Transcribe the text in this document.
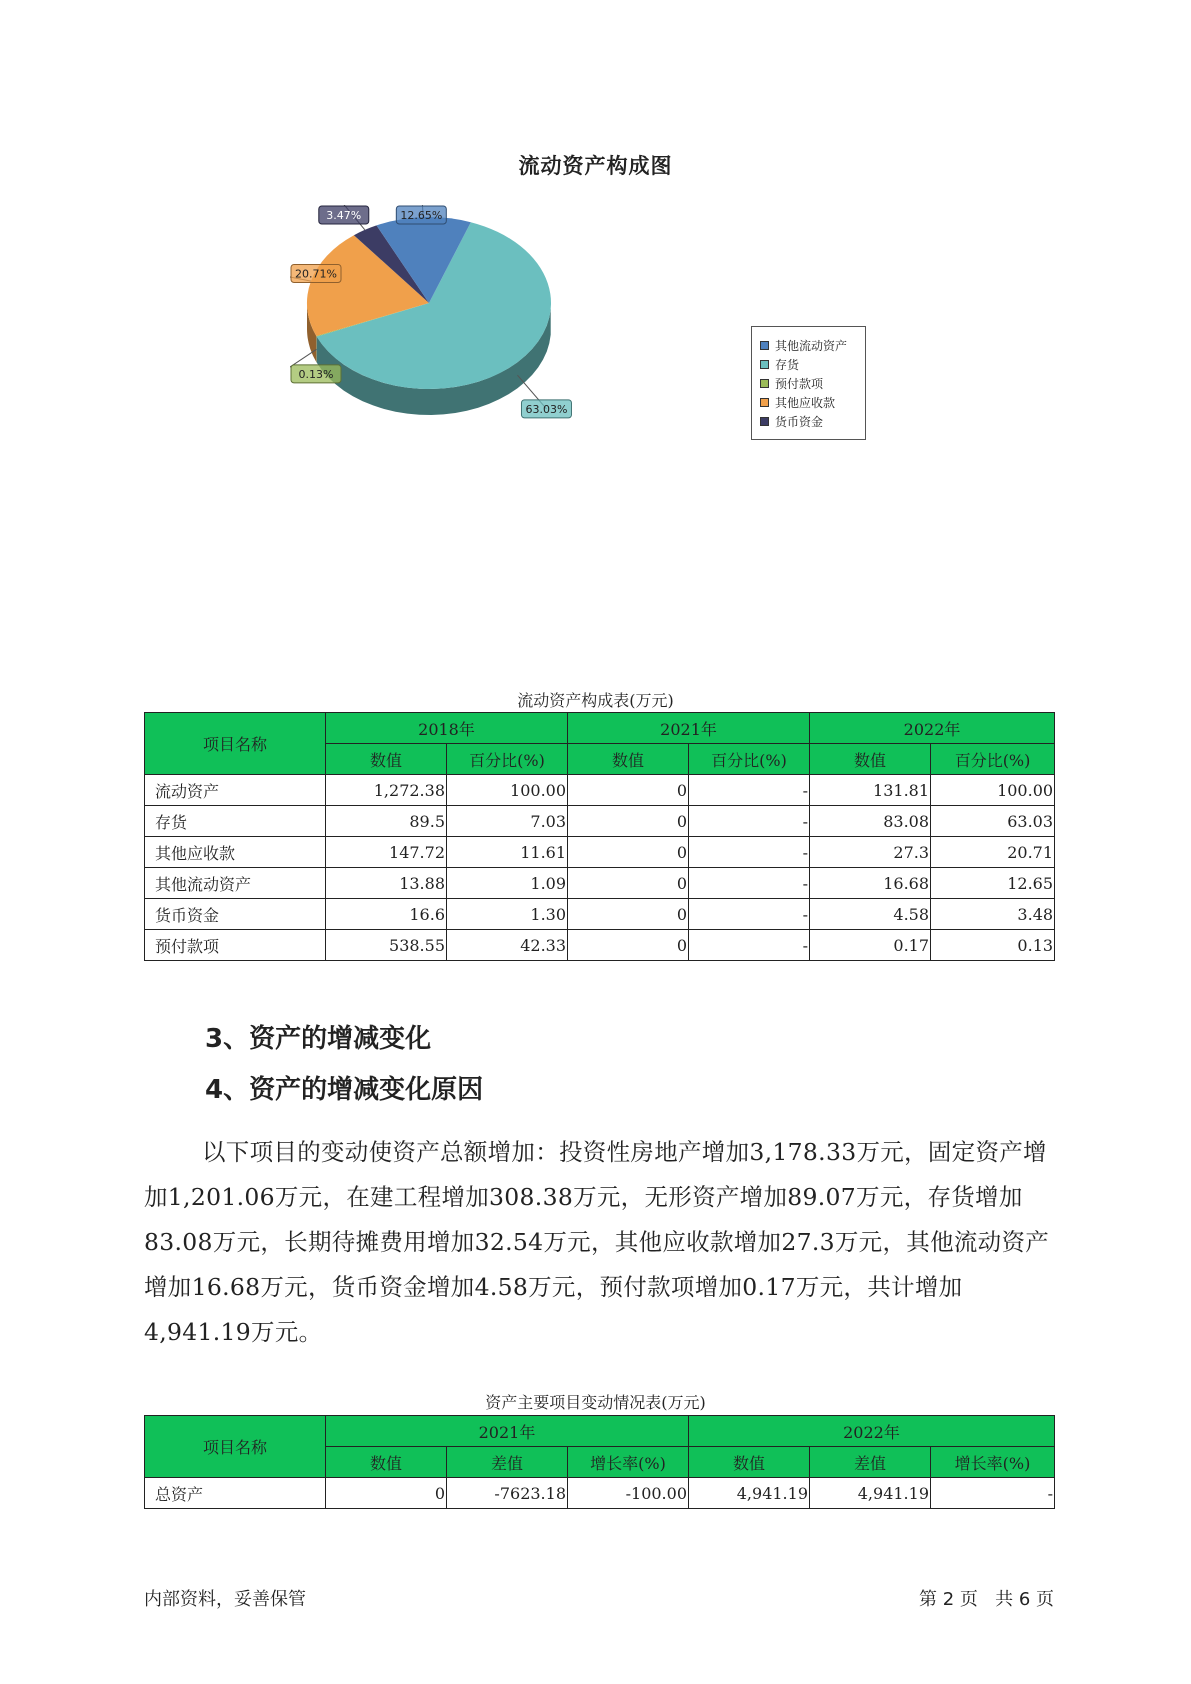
流动资产构成图
63.03%
0.13%
20.71%
3.47%	12.65%
其他流动资产
存货
预付款项
其他应收款
货币资金
流动资产构成表(万元)
项目名称	2018年		2021年		2022年	
	数值	百分比(%)	数值	百分比(%)	数值	百分比(%)
流动资产	1,272.38	100.00	0	-	131.81	100.00
存货	89.5	7.03	0	-	83.08	63.03
其他应收款	147.72	11.61	0	-	27.3	20.71
其他流动资产	13.88	1.09	0	-	16.68	12.65
货币资金	16.6	1.30	0	-	4.58	3.48
预付款项	538.55	42.33	0	-	0.17	0.13
3、资产的增减变化
4、资产的增减变化原因
以下项目的变动使资产总额增加：投资性房地产增加3,178.33万元，固定资产增加1,201.06万元，在建工程增加308.38万元，无形资产增加89.07万元，存货增加83.08万元，长期待摊费用增加32.54万元，其他应收款增加27.3万元，其他流动资产增加16.68万元，货币资金增加4.58万元，预付款项增加0.17万元，共计增加4,941.19万元。
资产主要项目变动情况表(万元)
项目名称	2021年			2022年		
	数值	差值	增长率(%)	数值	差值	增长率(%)
总资产	0	-7623.18	-100.00	4,941.19	4,941.19	-
内部资料，妥善保管	第 2 页   共 6 页
